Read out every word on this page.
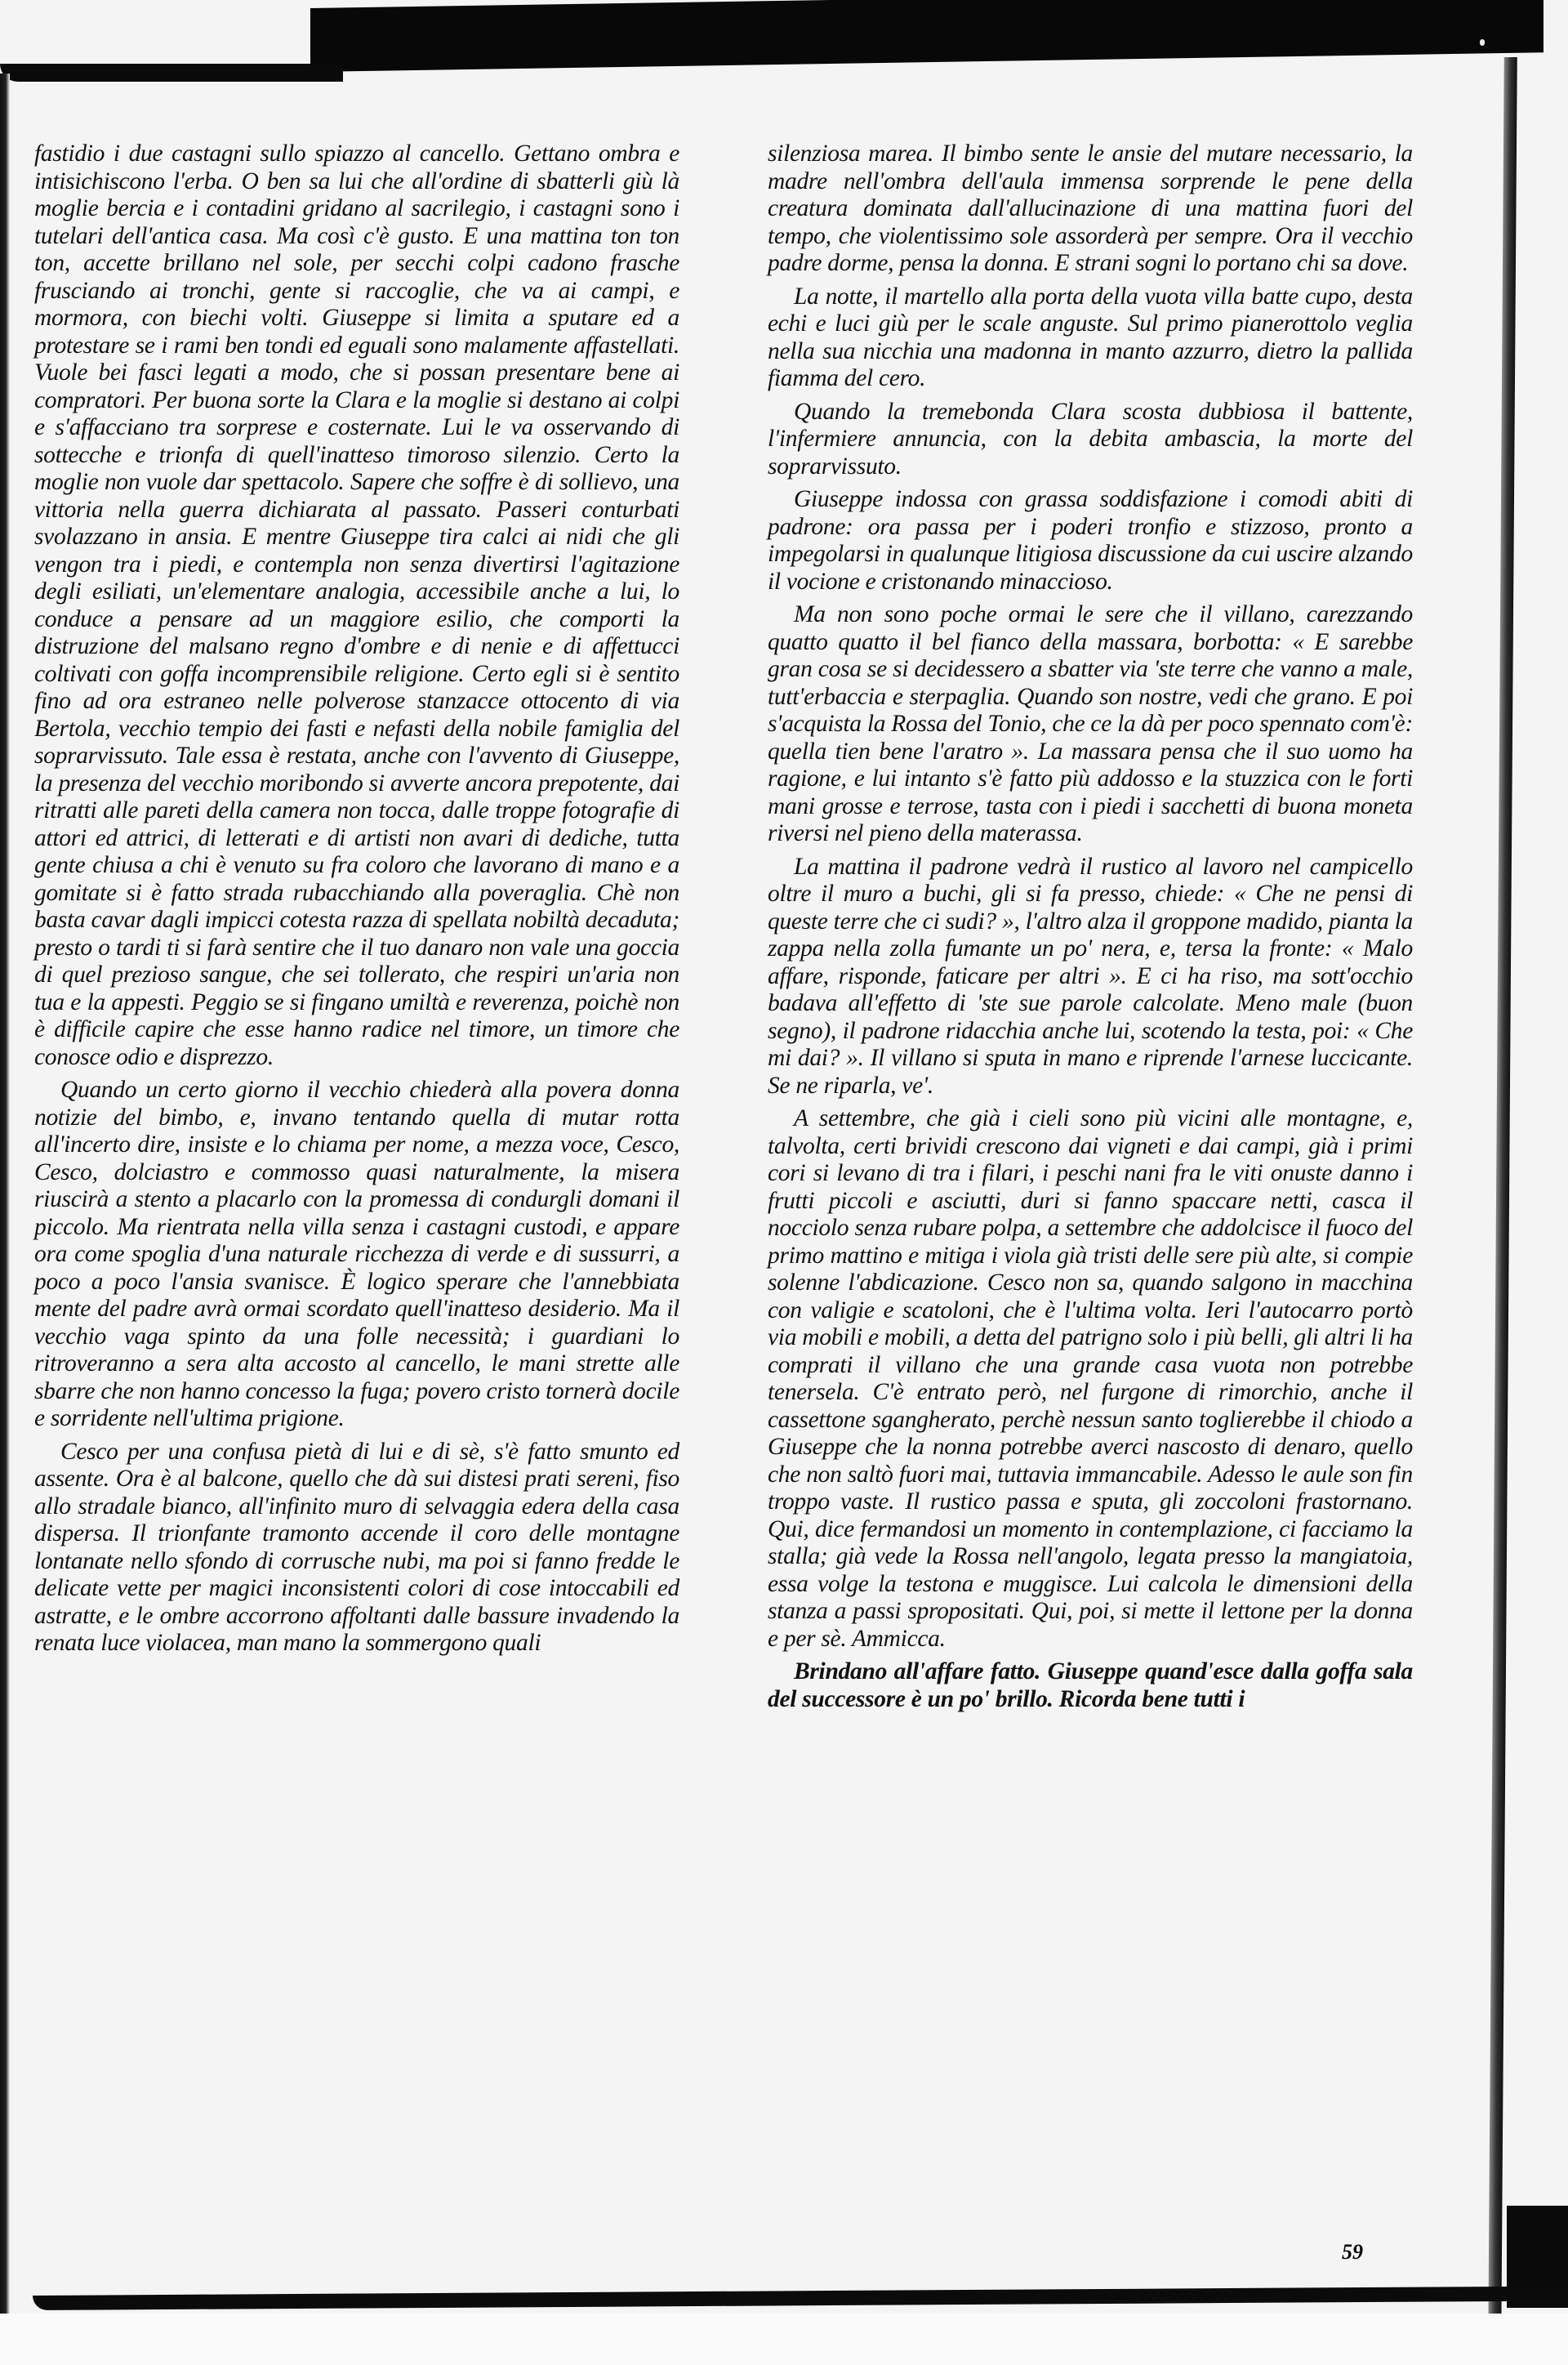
fastidio i due castagni sullo spiazzo al cancello. Gettano ombra e intisichiscono l'erba. O ben sa lui che all'ordine di sbatterli giù là moglie bercia e i contadini gridano al sacrilegio, i castagni sono i tutelari dell'antica casa. Ma così c'è gusto. E una mattina ton ton ton, accette brillano nel sole, per secchi colpi cadono frasche frusciando ai tronchi, gente si raccoglie, che va ai campi, e mormora, con biechi volti. Giuseppe si limita a sputare ed a protestare se i rami ben tondi ed eguali sono malamente affastellati. Vuole bei fasci legati a modo, che si possan presentare bene ai compratori. Per buona sorte la Clara e la moglie si destano ai colpi e s'affacciano tra sorprese e costernate. Lui le va osservando di sottecche e trionfa di quell'inatteso timoroso silenzio. Certo la moglie non vuole dar spettacolo. Sapere che soffre è di sollievo, una vittoria nella guerra dichiarata al passato. Passeri conturbati svolazzano in ansia. E mentre Giuseppe tira calci ai nidi che gli vengon tra i piedi, e contempla non senza divertirsi l'agitazione degli esiliati, un'elementare analogia, accessibile anche a lui, lo conduce a pensare ad un maggiore esilio, che comporti la distruzione del malsano regno d'ombre e di nenie e di affettucci coltivati con goffa incomprensibile religione. Certo egli si è sentito fino ad ora estraneo nelle polverose stanzacce ottocento di via Bertola, vecchio tempio dei fasti e nefasti della nobile famiglia del soprarvissuto. Tale essa è restata, anche con l'avvento di Giuseppe, la presenza del vecchio moribondo si avverte ancora prepotente, dai ritratti alle pareti della camera non tocca, dalle troppe fotografie di attori ed attrici, di letterati e di artisti non avari di dediche, tutta gente chiusa a chi è venuto su fra coloro che lavorano di mano e a gomitate si è fatto strada rubacchiando alla poveraglia. Chè non basta cavar dagli impicci cotesta razza di spellata nobiltà decaduta; presto o tardi ti si farà sentire che il tuo danaro non vale una goccia di quel prezioso sangue, che sei tollerato, che respiri un'aria non tua e la appesti. Peggio se si fingano umiltà e reverenza, poichè non è difficile capire che esse hanno radice nel timore, un timore che conosce odio e disprezzo.

Quando un certo giorno il vecchio chiederà alla povera donna notizie del bimbo, e, invano tentando quella di mutar rotta all'incerto dire, insiste e lo chiama per nome, a mezza voce, Cesco, Cesco, dolciastro e commosso quasi naturalmente, la misera riuscirà a stento a placarlo con la promessa di condurgli domani il piccolo. Ma rientrata nella villa senza i castagni custodi, e appare ora come spoglia d'una naturale ricchezza di verde e di sussurri, a poco a poco l'ansia svanisce. È logico sperare che l'annebbiata mente del padre avrà ormai scordato quell'inatteso desiderio. Ma il vecchio vaga spinto da una folle necessità; i guardiani lo ritroveranno a sera alta accosto al cancello, le mani strette alle sbarre che non hanno concesso la fuga; povero cristo tornerà docile e sorridente nell'ultima prigione.

Cesco per una confusa pietà di lui e di sè, s'è fatto smunto ed assente. Ora è al balcone, quello che dà sui distesi prati sereni, fiso allo stradale bianco, all'infinito muro di selvaggia edera della casa dispersa. Il trionfante tramonto accende il coro delle montagne lontanate nello sfondo di corrusche nubi, ma poi si fanno fredde le delicate vette per magici inconsistenti colori di cose intoccabili ed astratte, e le ombre accorrono affoltanti dalle bassure invadendo la renata luce violacea, man mano la sommergono quali

silenziosa marea. Il bimbo sente le ansie del mutare necessario, la madre nell'ombra dell'aula immensa sorprende le pene della creatura dominata dall'allucinazione di una mattina fuori del tempo, che violentissimo sole assorderà per sempre. Ora il vecchio padre dorme, pensa la donna. E strani sogni lo portano chi sa dove.

La notte, il martello alla porta della vuota villa batte cupo, desta echi e luci giù per le scale anguste. Sul primo pianerottolo veglia nella sua nicchia una madonna in manto azzurro, dietro la pallida fiamma del cero.

Quando la tremebonda Clara scosta dubbiosa il battente, l'infermiere annuncia, con la debita ambascia, la morte del soprarvissuto.

Giuseppe indossa con grassa soddisfazione i comodi abiti di padrone: ora passa per i poderi tronfio e stizzoso, pronto a impegolarsi in qualunque litigiosa discussione da cui uscire alzando il vocione e cristonando minaccioso.

Ma non sono poche ormai le sere che il villano, carezzando quatto quatto il bel fianco della massara, borbotta: « E sarebbe gran cosa se si decidessero a sbatter via 'ste terre che vanno a male, tutt'erbaccia e sterpaglia. Quando son nostre, vedi che grano. E poi s'acquista la Rossa del Tonio, che ce la dà per poco spennato com'è: quella tien bene l'aratro ». La massara pensa che il suo uomo ha ragione, e lui intanto s'è fatto più addosso e la stuzzica con le forti mani grosse e terrose, tasta con i piedi i sacchetti di buona moneta riversi nel pieno della materassa.

La mattina il padrone vedrà il rustico al lavoro nel campicello oltre il muro a buchi, gli si fa presso, chiede: « Che ne pensi di queste terre che ci sudi? », l'altro alza il groppone madido, pianta la zappa nella zolla fumante un po' nera, e, tersa la fronte: « Malo affare, risponde, faticare per altri ». E ci ha riso, ma sott'occhio badava all'effetto di 'ste sue parole calcolate. Meno male (buon segno), il padrone ridacchia anche lui, scotendo la testa, poi: « Che mi dai? ». Il villano si sputa in mano e riprende l'arnese luccicante. Se ne riparla, ve'.

A settembre, che già i cieli sono più vicini alle montagne, e, talvolta, certi brividi crescono dai vigneti e dai campi, già i primi cori si levano di tra i filari, i peschi nani fra le viti onuste danno i frutti piccoli e asciutti, duri si fanno spaccare netti, casca il nocciolo senza rubare polpa, a settembre che addolcisce il fuoco del primo mattino e mitiga i viola già tristi delle sere più alte, si compie solenne l'abdicazione. Cesco non sa, quando salgono in macchina con valigie e scatoloni, che è l'ultima volta. Ieri l'autocarro portò via mobili e mobili, a detta del patrigno solo i più belli, gli altri li ha comprati il villano che una grande casa vuota non potrebbe tenersela. C'è entrato però, nel furgone di rimorchio, anche il cassettone sgangherato, perchè nessun santo toglierebbe il chiodo a Giuseppe che la nonna potrebbe averci nascosto di denaro, quello che non saltò fuori mai, tuttavia immancabile. Adesso le aule son fin troppo vaste. Il rustico passa e sputa, gli zoccoloni frastornano. Qui, dice fermandosi un momento in contemplazione, ci facciamo la stalla; già vede la Rossa nell'angolo, legata presso la mangiatoia, essa volge la testona e muggisce. Lui calcola le dimensioni della stanza a passi spropositati. Qui, poi, si mette il lettone per la donna e per sè. Ammicca.

Brindano all'affare fatto. Giuseppe quand'esce dalla goffa sala del successore è un po' brillo. Ricorda bene tutti i

59
